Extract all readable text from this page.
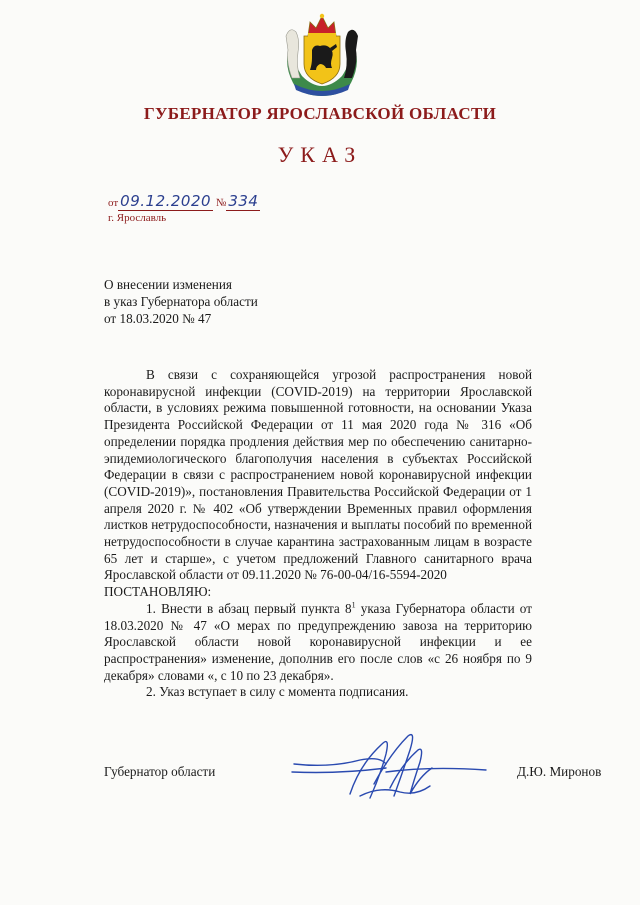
ГУБЕРНАТОР ЯРОСЛАВСКОЙ ОБЛАСТИ
УКАЗ
от 09.12.2020 № 334
г. Ярославль
О внесении изменения
в указ Губернатора области
от 18.03.2020 № 47

В связи с сохраняющейся угрозой распространения новой коронавирусной инфекции (COVID-2019) на территории Ярославской области, в условиях режима повышенной готовности, на основании Указа Президента Российской Федерации от 11 мая 2020 года № 316 «Об определении порядка продления действия мер по обеспечению санитарно-эпидемиологического благополучия населения в субъектах Российской Федерации в связи с распространением новой коронавирусной инфекции (COVID-2019)», постановления Правительства Российской Федерации от 1 апреля 2020 г. № 402 «Об утверждении Временных правил оформления листков нетрудоспособности, назначения и выплаты пособий по временной нетрудоспособности в случае карантина застрахованным лицам в возрасте 65 лет и старше», с учетом предложений Главного санитарного врача Ярославской области от 09.11.2020 № 76-00-04/16-5594-2020

ПОСТАНОВЛЯЮ:

1. Внести в абзац первый пункта $8^1$ указа Губернатора области от 18.03.2020 № 47 «О мерах по предупреждению завоза на территорию Ярославской области новой коронавирусной инфекции и ее распространения» изменение, дополнив его после слов «с 26 ноября по 9 декабря» словами «, с 10 по 23 декабря».

2. Указ вступает в силу с момента подписания.

Губернатор области	Д.Ю. Миронов
